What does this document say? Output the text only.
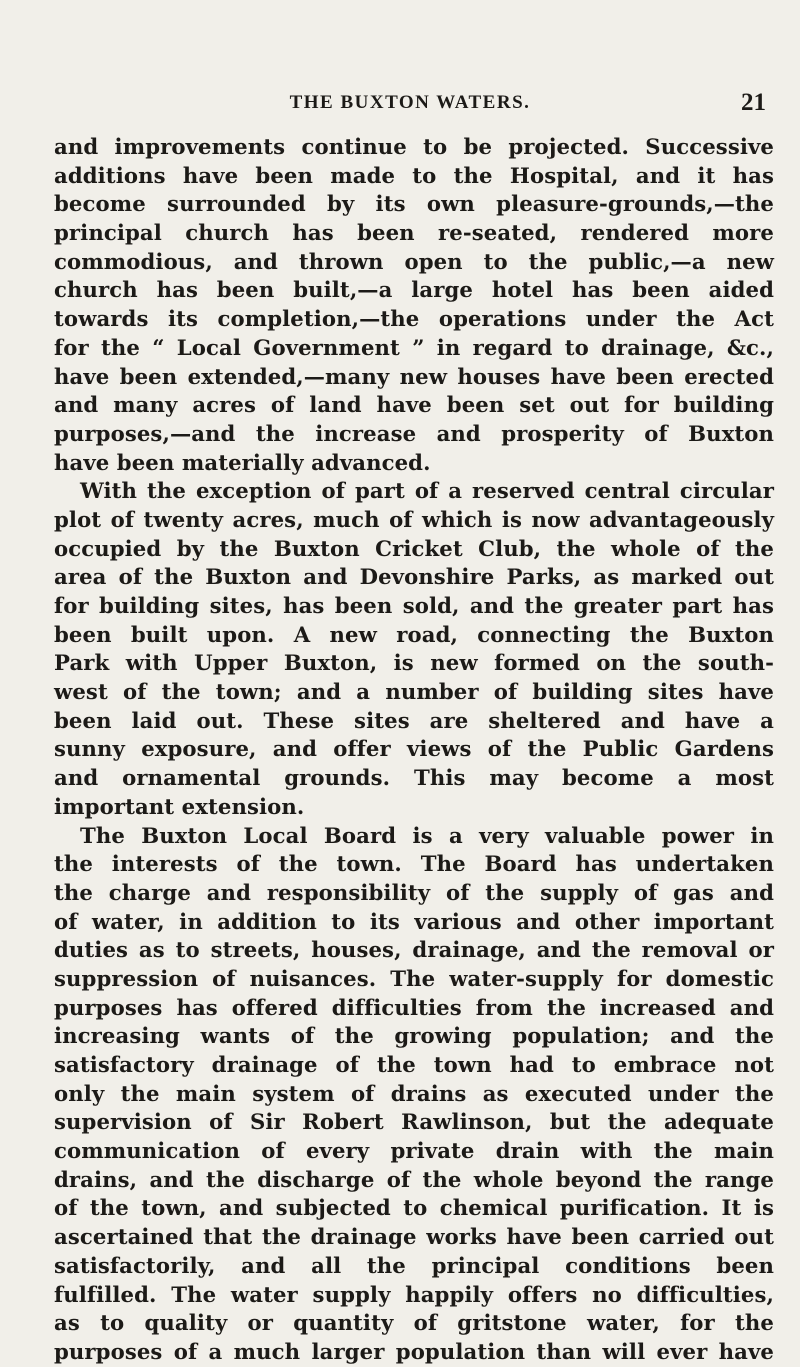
THE BUXTON WATERS.	21
and improvements continue to be projected. Successive
additions have been made to the Hospital, and it has
become surrounded by its own pleasure-grounds,—the
principal church has been re-seated, rendered more
commodious, and thrown open to the public,—a new
church has been built,—a large hotel has been aided
towards its completion,—the operations under the Act
for the “ Local Government ” in regard to drainage, &c.,
have been extended,—many new houses have been erected
and many acres of land have been set out for building
purposes,—and the increase and prosperity of Buxton
have been materially advanced.
With the exception of part of a reserved central circular
plot of twenty acres, much of which is now advantageously
occupied by the Buxton Cricket Club, the whole of the
area of the Buxton and Devonshire Parks, as marked out
for building sites, has been sold, and the greater part has
been built upon. A new road, connecting the Buxton
Park with Upper Buxton, is new formed on the south-
west of the town; and a number of building sites have
been laid out. These sites are sheltered and have a
sunny exposure, and offer views of the Public Gardens
and ornamental grounds. This may become a most
important extension.
The Buxton Local Board is a very valuable power in
the interests of the town. The Board has undertaken
the charge and responsibility of the supply of gas and
of water, in addition to its various and other important
duties as to streets, houses, drainage, and the removal or
suppression of nuisances. The water-supply for domestic
purposes has offered difficulties from the increased and
increasing wants of the growing population; and the
satisfactory drainage of the town had to embrace not
only the main system of drains as executed under the
supervision of Sir Robert Rawlinson, but the adequate
communication of every private drain with the main
drains, and the discharge of the whole beyond the range
of the town, and subjected to chemical purification. It is
ascertained that the drainage works have been carried out
satisfactorily, and all the principal conditions been
fulfilled. The water supply happily offers no difficulties,
as to quality or quantity of gritstone water, for the
purposes of a much larger population than will ever have
